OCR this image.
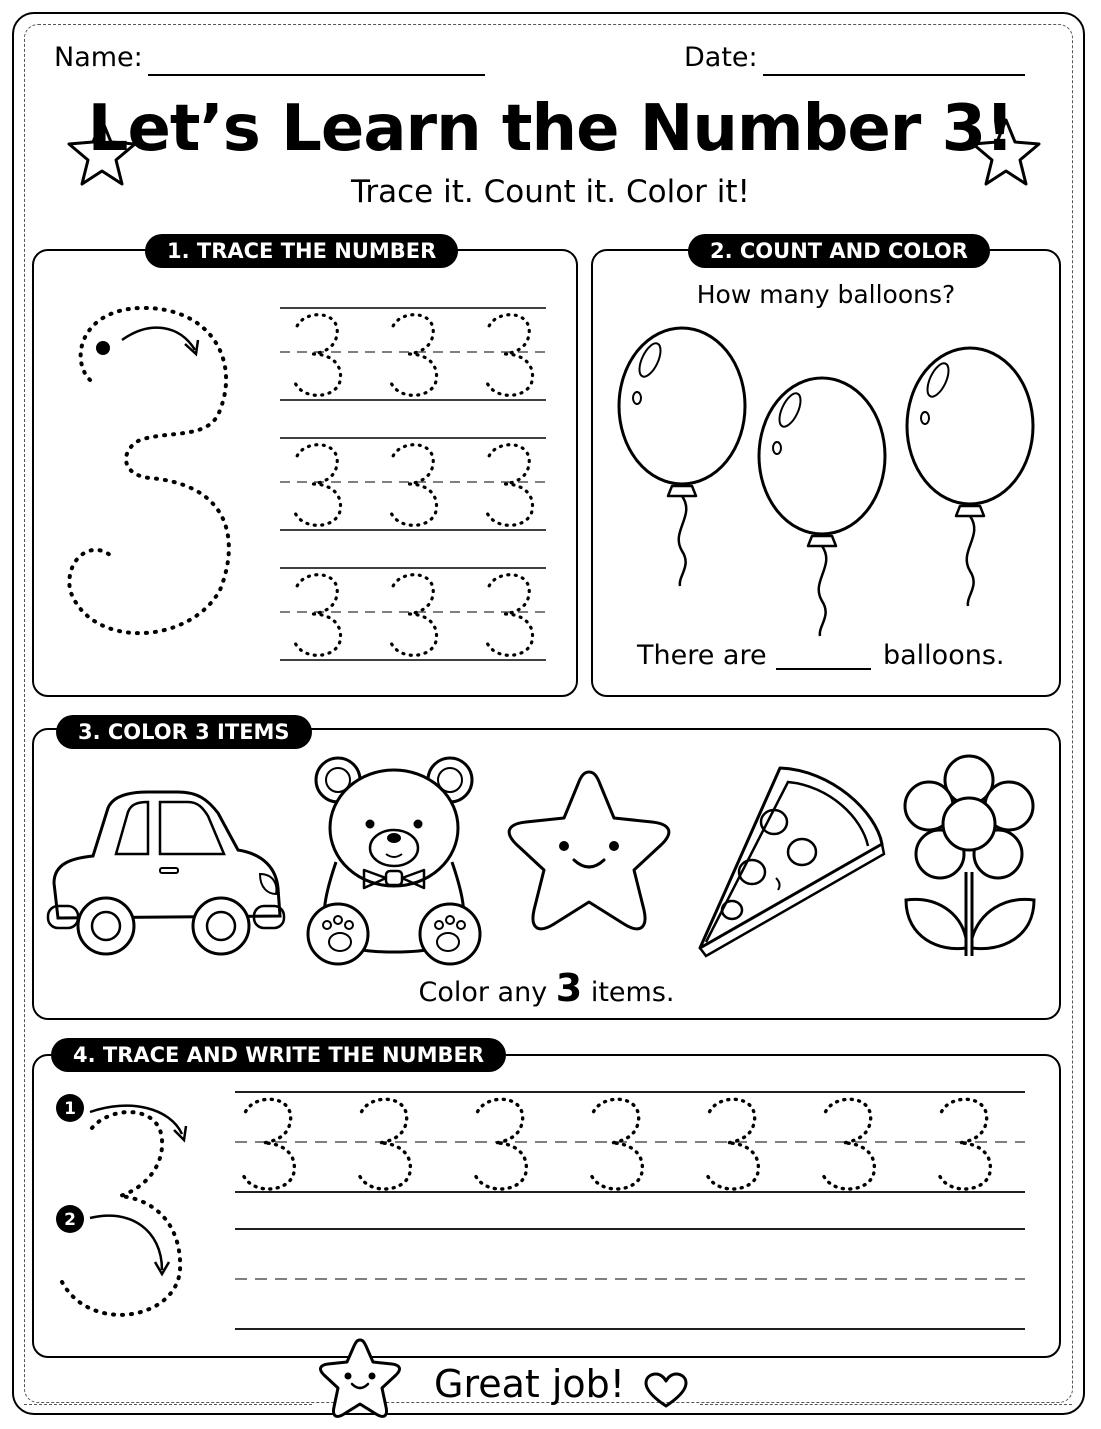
Name:	Date:
Let’s Learn the Number 3!
Trace it. Count it. Color it!
1. TRACE THE NUMBER	2. COUNT AND COLOR
How many balloons?
There are	balloons.
3. COLOR 3 ITEMS
Color any 3 items.
4. TRACE AND WRITE THE NUMBER
1
2
Great job!
